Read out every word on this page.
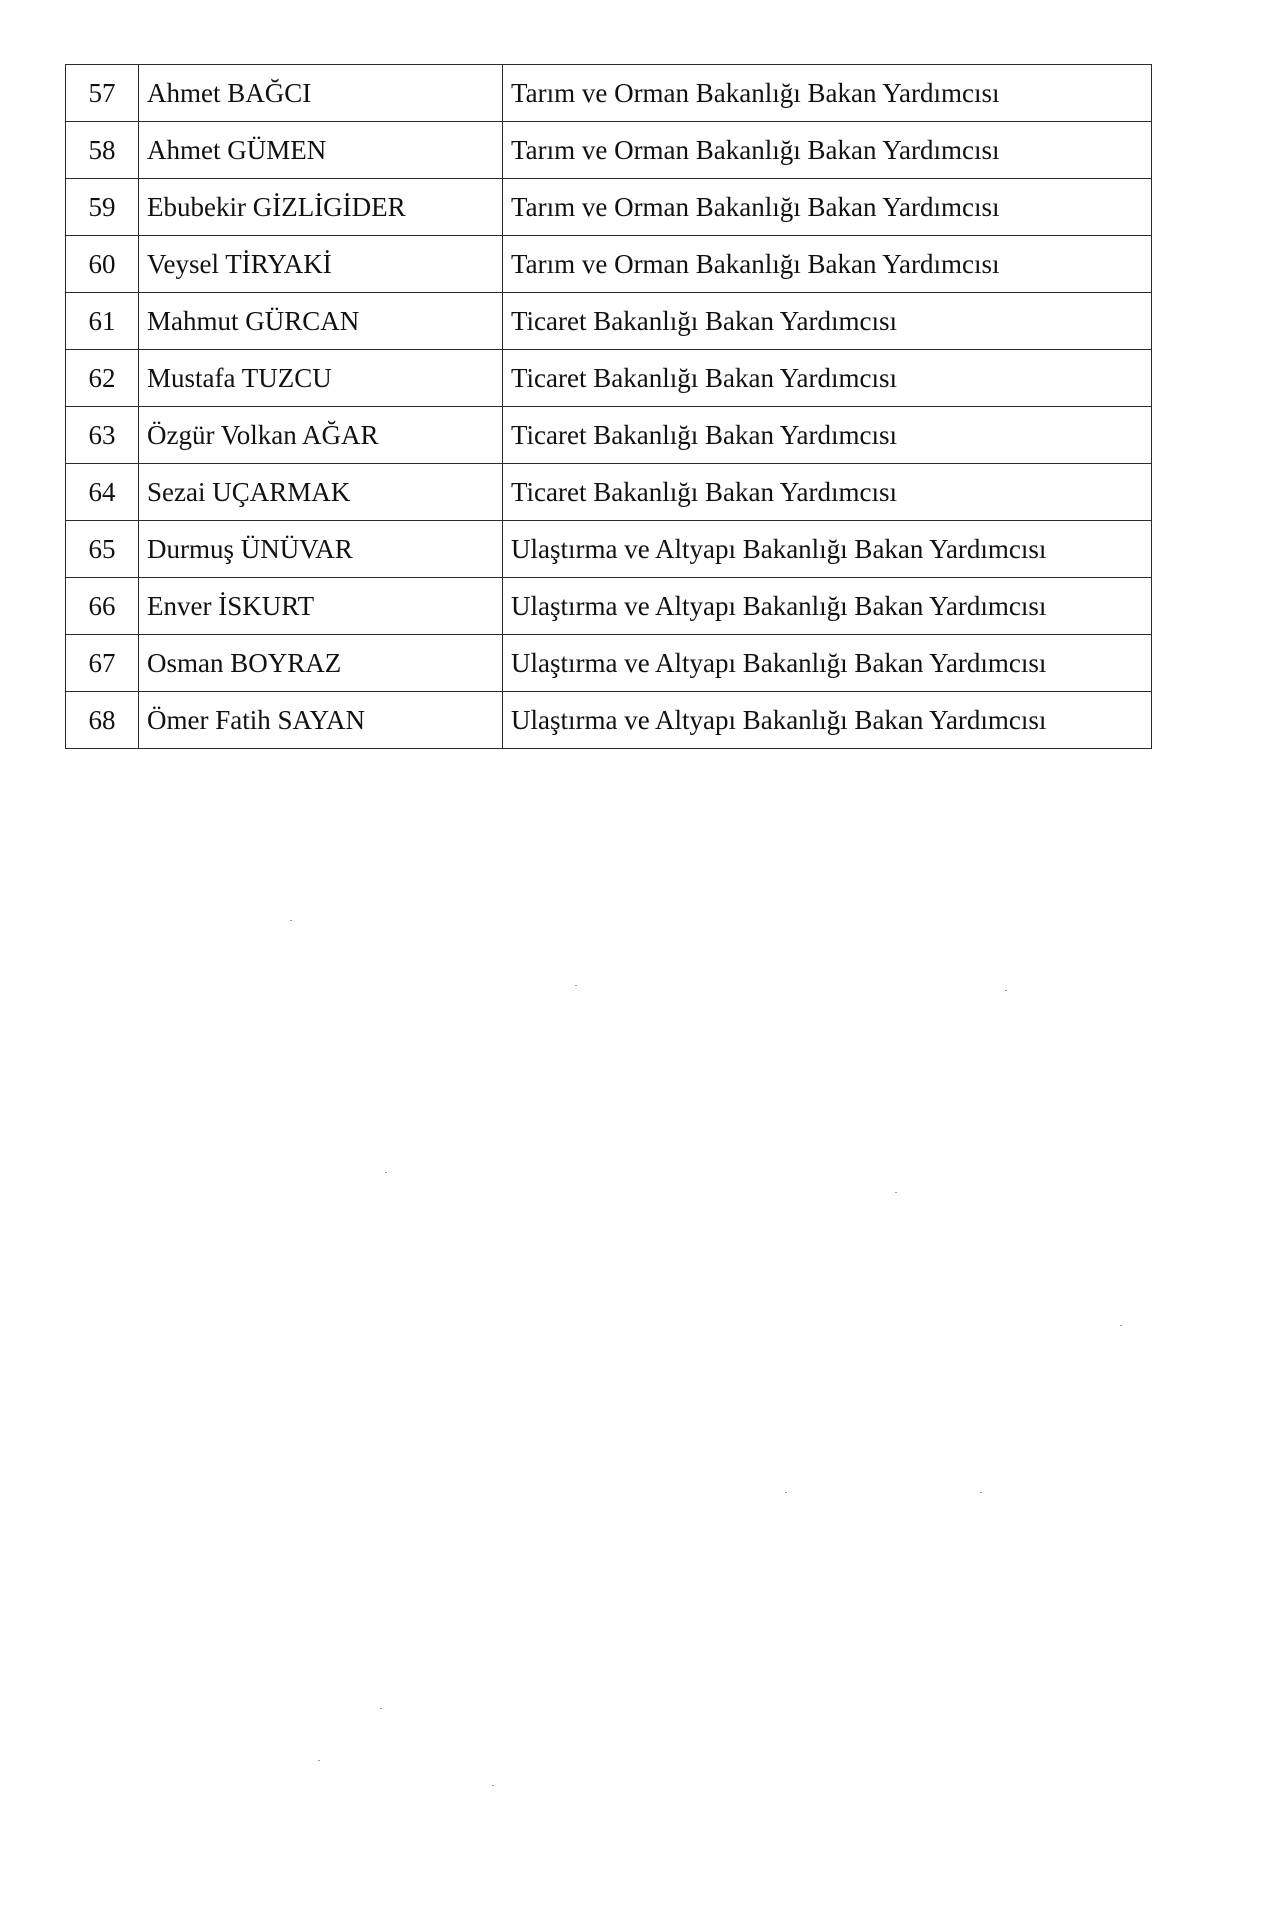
57	Ahmet BAĞCI	Tarım ve Orman Bakanlığı Bakan Yardımcısı
58	Ahmet GÜMEN	Tarım ve Orman Bakanlığı Bakan Yardımcısı
59	Ebubekir GİZLİGİDER	Tarım ve Orman Bakanlığı Bakan Yardımcısı
60	Veysel TİRYAKİ	Tarım ve Orman Bakanlığı Bakan Yardımcısı
61	Mahmut GÜRCAN	Ticaret Bakanlığı Bakan Yardımcısı
62	Mustafa TUZCU	Ticaret Bakanlığı Bakan Yardımcısı
63	Özgür Volkan AĞAR	Ticaret Bakanlığı Bakan Yardımcısı
64	Sezai UÇARMAK	Ticaret Bakanlığı Bakan Yardımcısı
65	Durmuş ÜNÜVAR	Ulaştırma ve Altyapı Bakanlığı Bakan Yardımcısı
66	Enver İSKURT	Ulaştırma ve Altyapı Bakanlığı Bakan Yardımcısı
67	Osman BOYRAZ	Ulaştırma ve Altyapı Bakanlığı Bakan Yardımcısı
68	Ömer Fatih SAYAN	Ulaştırma ve Altyapı Bakanlığı Bakan Yardımcısı
